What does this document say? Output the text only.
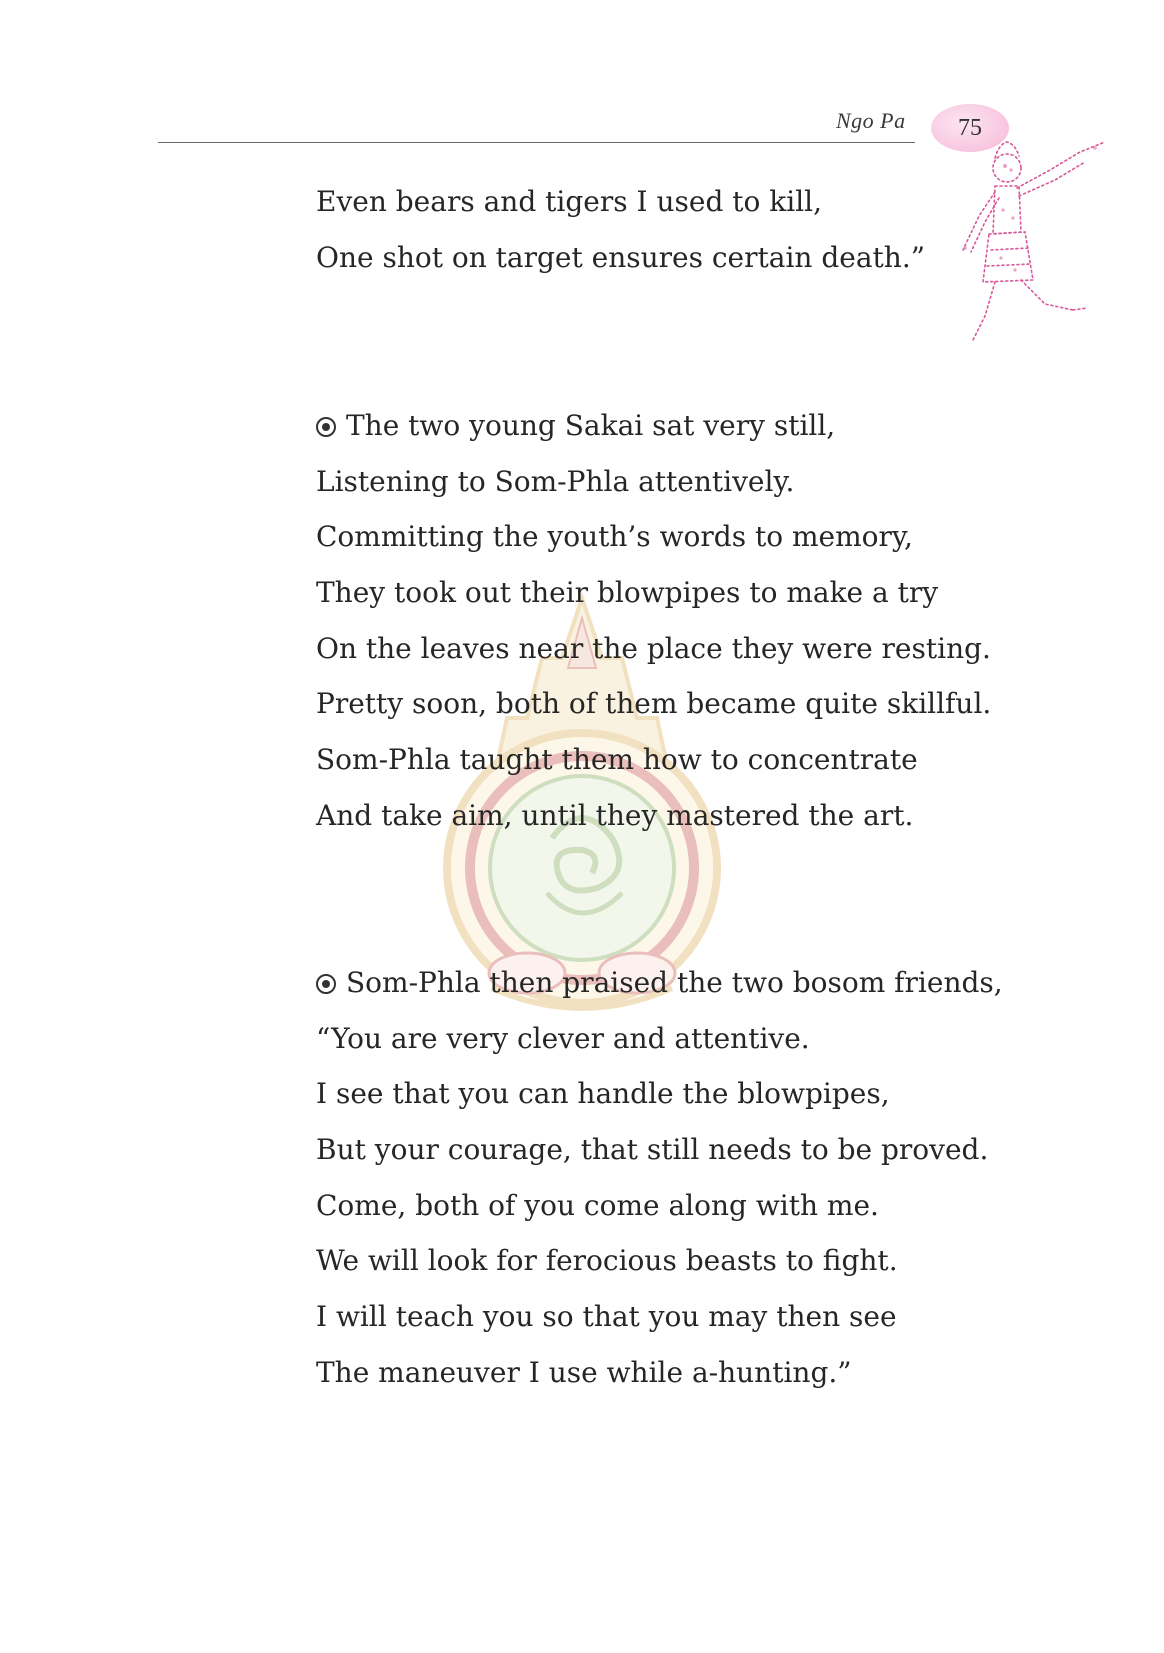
Ngo Pa 75
Even bears and tigers I used to kill,
One shot on target ensures certain death.”
The two young Sakai sat very still,
Listening to Som-Phla attentively.
Committing the youth’s words to memory,
They took out their blowpipes to make a try
On the leaves near the place they were resting.
Pretty soon, both of them became quite skillful.
Som-Phla taught them how to concentrate
And take aim, until they mastered the art.
Som-Phla then praised the two bosom friends,
“You are very clever and attentive.
I see that you can handle the blowpipes,
But your courage, that still needs to be proved.
Come, both of you come along with me.
We will look for ferocious beasts to fight.
I will teach you so that you may then see
The maneuver I use while a-hunting.”
